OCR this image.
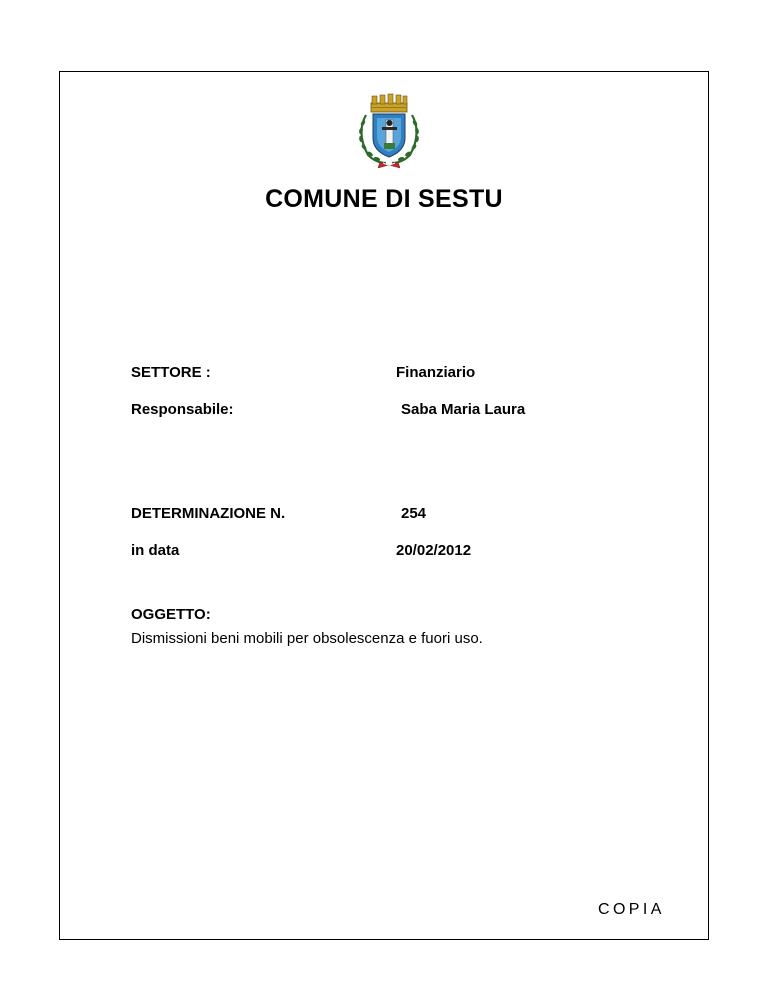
COMUNE DI SESTU
SETTORE :	Finanziario
Responsabile:	Saba Maria Laura
DETERMINAZIONE N.	254
in data	20/02/2012
OGGETTO:
Dismissioni beni mobili per obsolescenza e fuori uso.
COPIA
